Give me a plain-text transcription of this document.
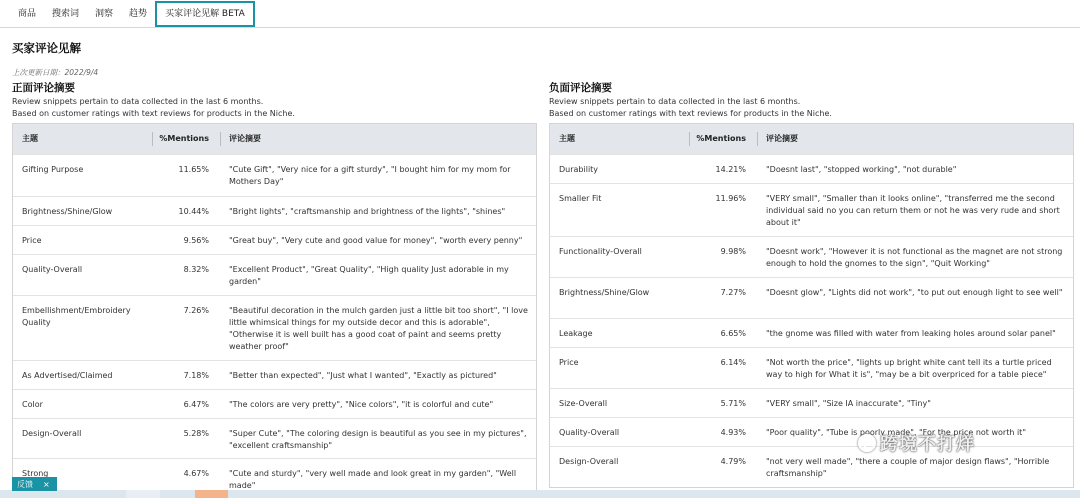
商品	搜索词	洞察	趋势	买家评论见解 BETA
买家评论见解
上次更新日期：2022/9/4
正面评论摘要
Review snippets pertain to data collected in the last 6 months.
Based on customer ratings with text reviews for products in the Niche.
主题	%Mentions	评论摘要
Gifting Purpose	11.65%	"Cute Gift", "Very nice for a gift sturdy", "I bought him for my mom for Mothers Day"
Brightness/Shine/Glow	10.44%	"Bright lights", "craftsmanship and brightness of the lights", "shines"
Price	9.56%	"Great buy", "Very cute and good value for money", "worth every penny"
Quality-Overall	8.32%	"Excellent Product", "Great Quality", "High quality Just adorable in my garden"
Embellishment/Embroidery Quality	7.26%	"Beautiful decoration in the mulch garden just a little bit too short", "I love little whimsical things for my outside decor and this is adorable", "Otherwise it is well built has a good coat of paint and seems pretty weather proof"
As Advertised/Claimed	7.18%	"Better than expected", "Just what I wanted", "Exactly as pictured"
Color	6.47%	"The colors are very pretty", "Nice colors", "it is colorful and cute"
Design-Overall	5.28%	"Super Cute", "The coloring design is beautiful as you see in my pictures", "excellent craftsmanship"
Strong	4.67%	"Cute and sturdy", "very well made and look great in my garden", "Well made"
负面评论摘要
Review snippets pertain to data collected in the last 6 months.
Based on customer ratings with text reviews for products in the Niche.
主题	%Mentions	评论摘要
Durability	14.21%	"Doesnt last", "stopped working", "not durable"
Smaller Fit	11.96%	"VERY small", "Smaller than it looks online", "transferred me the second individual said no you can return them or not he was very rude and short about it"
Functionality-Overall	9.98%	"Doesnt work", "However it is not functional as the magnet are not strong enough to hold the gnomes to the sign", "Quit Working"
Brightness/Shine/Glow	7.27%	"Doesnt glow", "Lights did not work", "to put out enough light to see well"
Leakage	6.65%	"the gnome was filled with water from leaking holes around solar panel"
Price	6.14%	"Not worth the price", "lights up bright white cant tell its a turtle priced way to high for What it is", "may be a bit overpriced for a table piece"
Size-Overall	5.71%	"VERY small", "Size IA inaccurate", "Tiny"
Quality-Overall	4.93%	"Poor quality", "Tube is poorly made", "For the price not worth it"
Design-Overall	4.79%	"not very well made", "there a couple of major design flaws", "Horrible craftsmanship"
反馈 ×
跨境不打烊
